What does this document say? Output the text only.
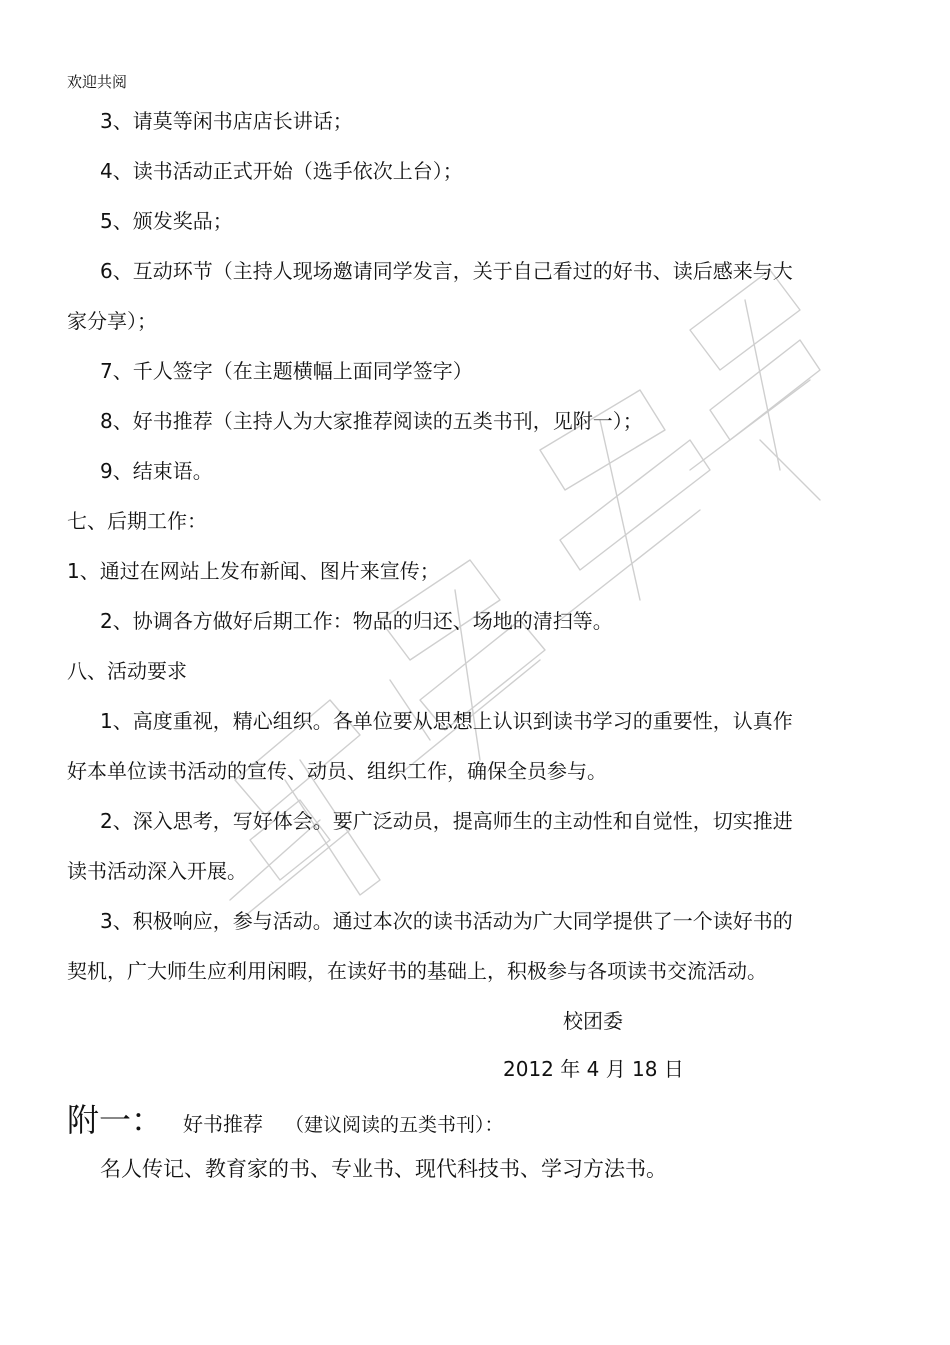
欢迎共阅
3、请莫等闲书店店长讲话；
4、读书活动正式开始（选手依次上台）；
5、颁发奖品；
6、互动环节（主持人现场邀请同学发言，关于自己看过的好书、读后感来与大
家分享）；
7、千人签字（在主题横幅上面同学签字）
8、好书推荐（主持人为大家推荐阅读的五类书刊，见附一）；
9、结束语。
七、后期工作：
1、通过在网站上发布新闻、图片来宣传；
2、协调各方做好后期工作：物品的归还、场地的清扫等。
八、活动要求
1、高度重视，精心组织。各单位要从思想上认识到读书学习的重要性，认真作
好本单位读书活动的宣传、动员、组织工作，确保全员参与。
2、深入思考，写好体会。要广泛动员，提高师生的主动性和自觉性，切实推进
读书活动深入开展。
3、积极响应，参与活动。通过本次的读书活动为广大同学提供了一个读好书的
契机，广大师生应利用闲暇，在读好书的基础上，积极参与各项读书交流活动。
校团委
2012 年 4 月 18 日
附一： 好书推荐 （建议阅读的五类书刊）：
名人传记、教育家的书、专业书、现代科技书、学习方法书。
